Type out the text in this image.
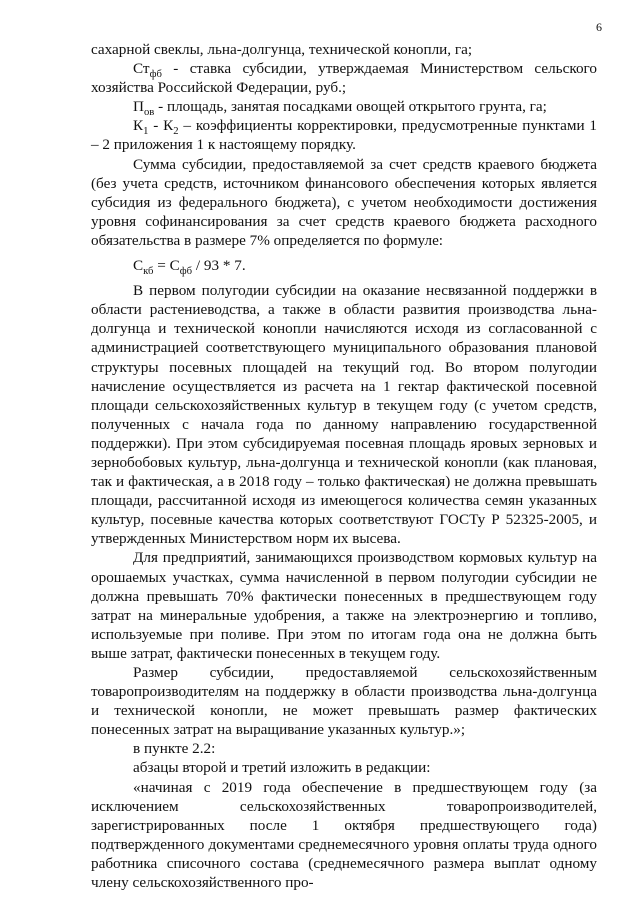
6

сахарной свеклы, льна-долгунца, технической конопли, га;

$Ст_{фб}$ - ставка субсидии, утверждаемая Министерством сельского хозяйства Российской Федерации, руб.;

$П_{ов}$ - площадь, занятая посадками овощей открытого грунта, га;

$К_1 - К_2$ – коэффициенты корректировки, предусмотренные пунктами 1 – 2 приложения 1 к настоящему порядку.

Сумма субсидии, предоставляемой за счет средств краевого бюджета (без учета средств, источником финансового обеспечения которых является субсидия из федерального бюджета), с учетом необходимости достижения уровня софинансирования за счет средств краевого бюджета расходного обязательства в размере 7% определяется по формуле:

$С_{кб} = С_{фб} / 93 * 7$.

В первом полугодии субсидии на оказание несвязанной поддержки в области растениеводства, а также в области развития производства льна-долгунца и технической конопли начисляются исходя из согласованной с администрацией соответствующего муниципального образования плановой структуры посевных площадей на текущий год. Во втором полугодии начисление осуществляется из расчета на 1 гектар фактической посевной площади сельскохозяйственных культур в текущем году (с учетом средств, полученных с начала года по данному направлению государственной поддержки). При этом субсидируемая посевная площадь яровых зерновых и зернобобовых культур, льна-долгунца и технической конопли (как плановая, так и фактическая, а в 2018 году – только фактическая) не должна превышать площади, рассчитанной исходя из имеющегося количества семян указанных культур, посевные качества которых соответствуют ГОСТу Р 52325-2005, и утвержденных Министерством норм их высева.

Для предприятий, занимающихся производством кормовых культур на орошаемых участках, сумма начисленной в первом полугодии субсидии не должна превышать 70% фактически понесенных в предшествующем году затрат на минеральные удобрения, а также на электроэнергию и топливо, используемые при поливе. При этом по итогам года она не должна быть выше затрат, фактически понесенных в текущем году.

Размер субсидии, предоставляемой сельскохозяйственным товаропроизводителям на поддержку в области производства льна-долгунца и технической конопли, не может превышать размер фактических понесенных затрат на выращивание указанных культур.»;

в пункте 2.2:

абзацы второй и третий изложить в редакции:

«начиная с 2019 года обеспечение в предшествующем году (за исключением сельскохозяйственных товаропроизводителей, зарегистрированных после 1 октября предшествующего года) подтвержденного документами среднемесячного уровня оплаты труда одного работника списочного состава (среднемесячного размера выплат одному члену сельскохозяйственного про-
